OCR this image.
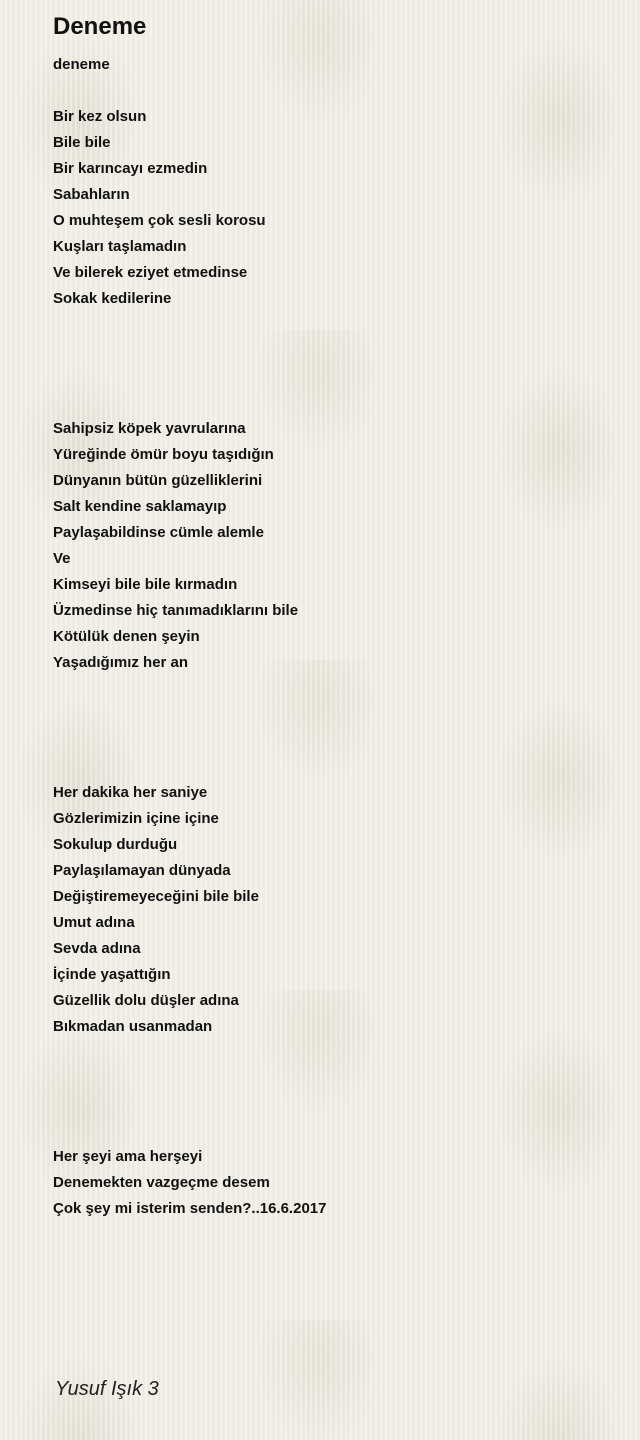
Deneme

deneme

Bir kez olsun
Bile bile
Bir karıncayı ezmedin
Sabahların
O muhteşem çok sesli korosu
Kuşları taşlamadın
Ve bilerek eziyet etmedinse
Sokak kedilerine
Sahipsiz köpek yavrularına
Yüreğinde ömür boyu taşıdığın
Dünyanın bütün güzelliklerini
Salt kendine saklamayıp
Paylaşabildinse cümle alemle
Ve
Kimseyi bile bile kırmadın
Üzmedinse hiç tanımadıklarını bile
Kötülük denen şeyin
Yaşadığımız her an
Her dakika her saniye
Gözlerimizin içine içine
Sokulup durduğu
Paylaşılamayan dünyada
Değiştiremeyeceğini bile bile
Umut adına
Sevda adına
İçinde yaşattığın
Güzellik dolu düşler adına
Bıkmadan usanmadan
Her şeyi ama herşeyi
Denemekten vazgeçme desem
Çok şey mi isterim senden?..16.6.2017
Yusuf Işık 3
